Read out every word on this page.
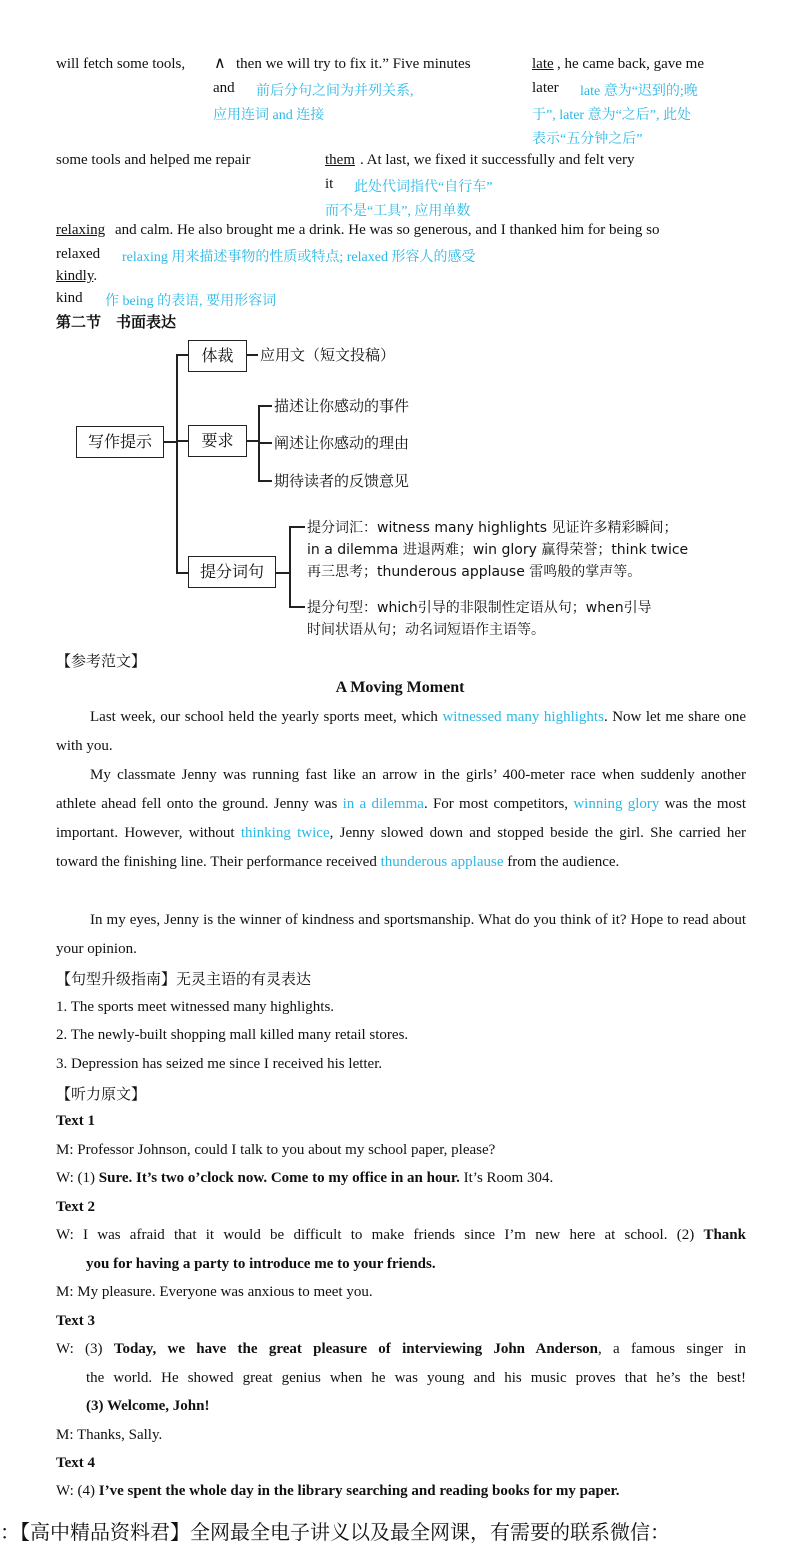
will fetch some tools, ∧ then we will try to fix it.” Five minutes	late , he came back, gave me
and 前后分句之间为并列关系,
应用连词 and 连接
later late 意为“迟到的;晚
于”, later 意为“之后”, 此处
表示“五分钟之后”
some tools and helped me repair	them . At last, we fixed it successfully and felt very
it 此处代词指代“自行车”
而不是“工具”, 应用单数
relaxing and calm. He also brought me a drink. He was so generous, and I thanked him for being so
relaxed relaxing 用来描述事物的性质或特点; relaxed 形容人的感受
kindly.
kind 作 being 的表语, 要用形容词
第二节　书面表达
写作提示
体裁
要求
提分词句
应用文（短文投稿）
描述让你感动的事件
阐述让你感动的理由
期待读者的反馈意见
提分词汇：witness many highlights 见证许多精彩瞬间；
in a dilemma 进退两难；win glory 赢得荣誉；think twice
再三思考；thunderous applause 雷鸣般的掌声等。
提分句型：which引导的非限制性定语从句；when引导
时间状语从句；动名词短语作主语等。
【参考范文】
A Moving Moment
Last week, our school held the yearly sports meet, which witnessed many highlights. Now let me share one with you.
My classmate Jenny was running fast like an arrow in the girls’ 400-meter race when suddenly another athlete ahead fell onto the ground. Jenny was in a dilemma. For most competitors, winning glory was the most important. However, without thinking twice, Jenny slowed down and stopped beside the girl. She carried her toward the finishing line. Their performance received thunderous applause from the audience.
In my eyes, Jenny is the winner of kindness and sportsmanship. What do you think of it? Hope to read about your opinion.
【句型升级指南】无灵主语的有灵表达
1. The sports meet witnessed many highlights.
2. The newly-built shopping mall killed many retail stores.
3. Depression has seized me since I received his letter.
【听力原文】
Text 1
M: Professor Johnson, could I talk to you about my school paper, please?
W: (1) Sure. It’s two o’clock now. Come to my office in an hour. It’s Room 304.
Text 2
W: I was afraid that it would be difficult to make friends since I’m new here at school. (2) Thank
you for having a party to introduce me to your friends.
M: My pleasure. Everyone was anxious to meet you.
Text 3
W: (3) Today, we have the great pleasure of interviewing John Anderson, a famous singer in
the world. He showed great genius when he was young and his music proves that he’s the best!
(3) Welcome, John!
M: Thanks, Sally.
Text 4
W: (4) I’ve spent the whole day in the library searching and reading books for my paper.
：【高中精品资料君】全网最全电子讲义以及最全网课，有需要的联系微信：
